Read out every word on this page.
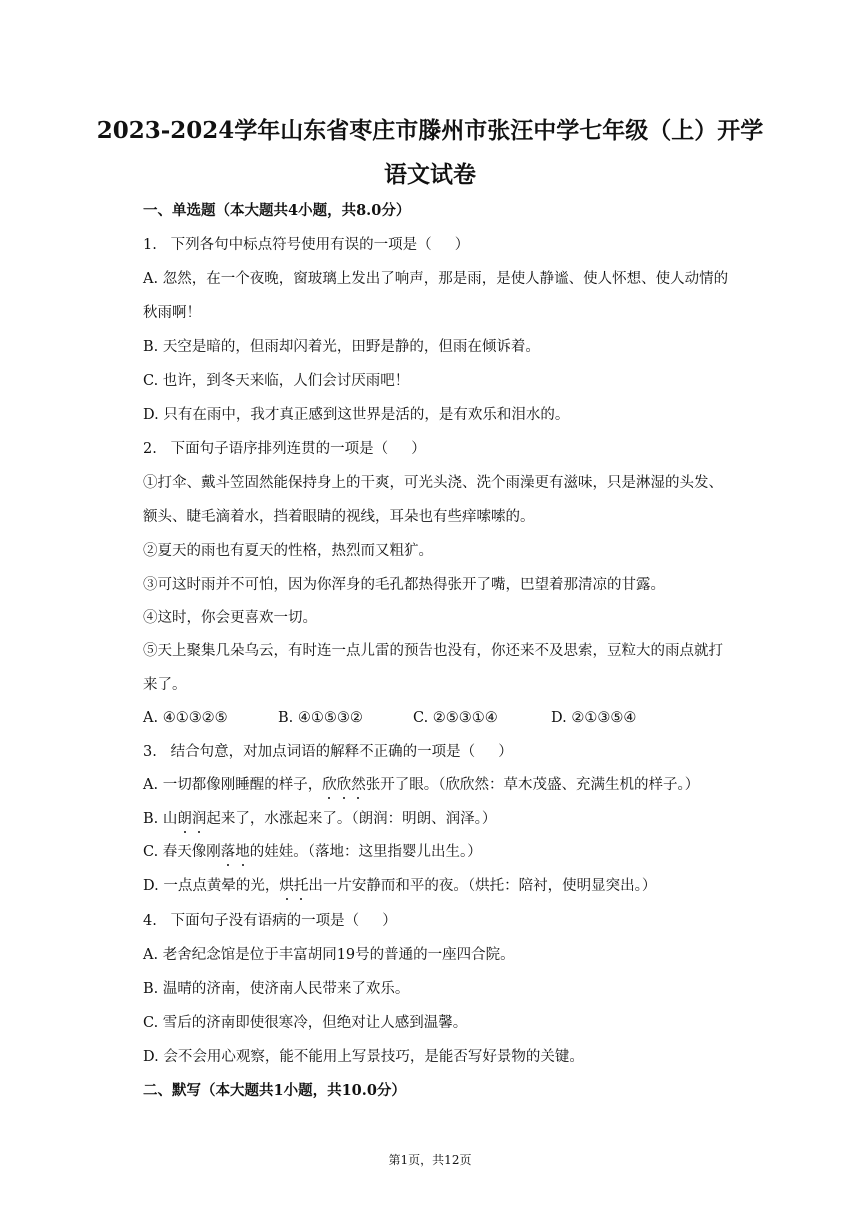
2023-2024学年山东省枣庄市滕州市张汪中学七年级（上）开学
语文试卷
一、单选题（本大题共4小题，共8.0分）
1.   下列各句中标点符号使用有误的一项是（     ）
A. 忽然，在一个夜晚，窗玻璃上发出了响声，那是雨，是使人静谧、使人怀想、使人动情的
秋雨啊！
B. 天空是暗的，但雨却闪着光，田野是静的，但雨在倾诉着。
C. 也许，到冬天来临，人们会讨厌雨吧！
D. 只有在雨中，我才真正感到这世界是活的，是有欢乐和泪水的。
2.   下面句子语序排列连贯的一项是（     ）
①打伞、戴斗笠固然能保持身上的干爽，可光头浇、洗个雨澡更有滋味，只是淋湿的头发、
额头、睫毛滴着水，挡着眼睛的视线，耳朵也有些痒嗦嗦的。
②夏天的雨也有夏天的性格，热烈而又粗犷。
③可这时雨并不可怕，因为你浑身的毛孔都热得张开了嘴，巴望着那清凉的甘露。
④这时，你会更喜欢一切。
⑤天上聚集几朵乌云，有时连一点儿雷的预告也没有，你还来不及思索，豆粒大的雨点就打
来了。
A. ④①③②⑤	B. ④①⑤③②	C. ②⑤③①④	D. ②①③⑤④
3.   结合句意，对加点词语的解释不正确的一项是（     ）
A. 一切都像刚睡醒的样子，欣欣然张开了眼。（欣欣然：草木茂盛、充满生机的样子。）
B. 山朗润起来了，水涨起来了。（朗润：明朗、润泽。）
C. 春天像刚落地的娃娃。（落地：这里指婴儿出生。）
D. 一点点黄晕的光，烘托出一片安静而和平的夜。（烘托：陪衬，使明显突出。）
4.   下面句子没有语病的一项是（     ）
A. 老舍纪念馆是位于丰富胡同19号的普通的一座四合院。
B. 温晴的济南，使济南人民带来了欢乐。
C. 雪后的济南即使很寒冷，但绝对让人感到温馨。
D. 会不会用心观察，能不能用上写景技巧，是能否写好景物的关键。
二、默写（本大题共1小题，共10.0分）
第1页，共12页
